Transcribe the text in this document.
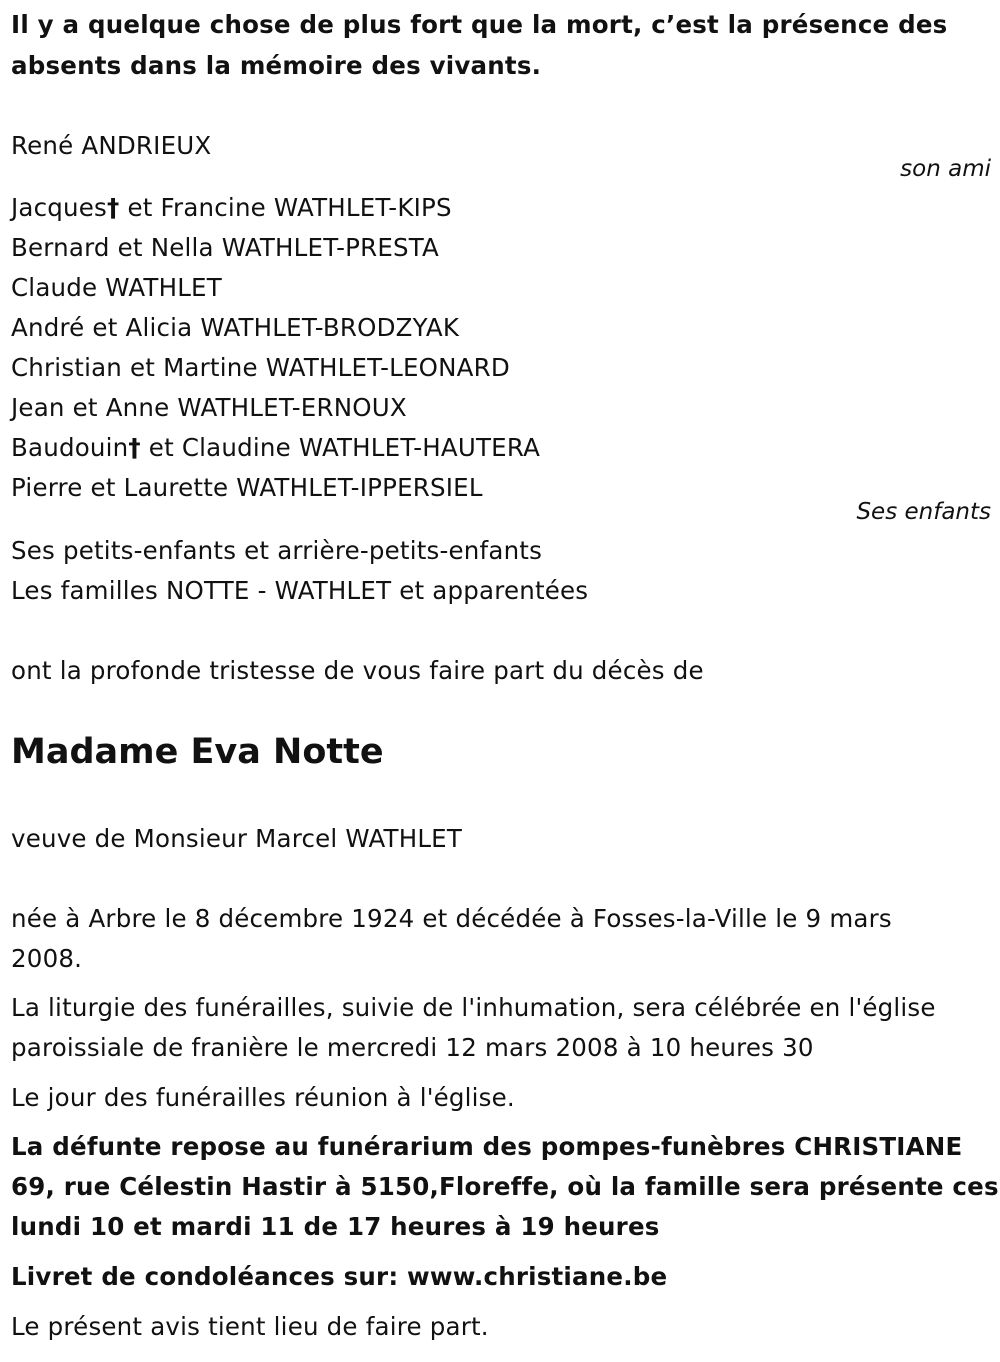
Il y a quelque chose de plus fort que la mort, c’est la présence des
absents dans la mémoire des vivants.
René ANDRIEUX
son ami
Jacques† et Francine WATHLET-KIPS
Bernard et Nella WATHLET-PRESTA
Claude WATHLET
André et Alicia WATHLET-BRODZYAK
Christian et Martine WATHLET-LEONARD
Jean et Anne WATHLET-ERNOUX
Baudouin† et Claudine WATHLET-HAUTERA
Pierre et Laurette WATHLET-IPPERSIEL
Ses enfants
Ses petits-enfants et arrière-petits-enfants
Les familles NOTTE - WATHLET et apparentées
ont la profonde tristesse de vous faire part du décès de
Madame Eva Notte
veuve de Monsieur Marcel WATHLET
née à Arbre le 8 décembre 1924 et décédée à Fosses-la-Ville le 9 mars
2008.
La liturgie des funérailles, suivie de l'inhumation, sera célébrée en l'église
paroissiale de franière le mercredi 12 mars 2008 à 10 heures 30
Le jour des funérailles réunion à l'église.
La défunte repose au funérarium des pompes-funèbres CHRISTIANE
69, rue Célestin Hastir à 5150,Floreffe, où la famille sera présente ces
lundi 10 et mardi 11 de 17 heures à 19 heures
Livret de condoléances sur: www.christiane.be
Le présent avis tient lieu de faire part.
